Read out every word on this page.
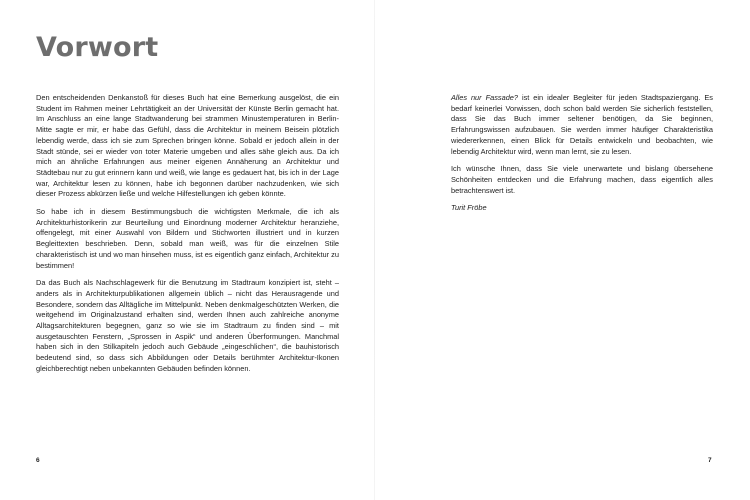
Vorwort

Den entscheidenden Denkanstoß für dieses Buch hat eine Bemerkung ausgelöst, die ein Student im Rahmen meiner Lehrtätigkeit an der Universität der Künste Berlin gemacht hat. Im Anschluss an eine lange Stadtwanderung bei strammen Minustemperaturen in Berlin-Mitte sagte er mir, er habe das Gefühl, dass die Architektur in meinem Beisein plötzlich lebendig werde, dass ich sie zum Sprechen bringen könne. Sobald er jedoch allein in der Stadt stünde, sei er wieder von toter Materie umgeben und alles sähe gleich aus. Da ich mich an ähnliche Erfahrungen aus meiner eigenen Annäherung an Architektur und Städtebau nur zu gut erinnern kann und weiß, wie lange es gedauert hat, bis ich in der Lage war, Architektur lesen zu können, habe ich begonnen darüber nachzudenken, wie sich dieser Prozess abkürzen ließe und welche Hilfestellungen ich geben könnte.

So habe ich in diesem Bestimmungsbuch die wichtigsten Merkmale, die ich als Architekturhistorikerin zur Beurteilung und Einordnung moderner Architektur heranziehe, offengelegt, mit einer Auswahl von Bildern und Stichworten illustriert und in kurzen Begleittexten beschrieben. Denn, sobald man weiß, was für die einzelnen Stile charakteristisch ist und wo man hinsehen muss, ist es eigentlich ganz einfach, Architektur zu bestimmen!

Da das Buch als Nachschlagewerk für die Benutzung im Stadtraum konzipiert ist, steht – anders als in Architekturpublikationen allgemein üblich – nicht das Herausragende und Besondere, sondern das Alltägliche im Mittelpunkt. Neben denkmalgeschützten Werken, die weitgehend im Originalzustand erhalten sind, werden Ihnen auch zahlreiche anonyme Alltagsarchitekturen begegnen, ganz so wie sie im Stadtraum zu finden sind – mit ausgetauschten Fenstern, „Sprossen in Aspik“ und anderen Überformungen. Manchmal haben sich in den Stilkapiteln jedoch auch Gebäude „eingeschlichen“, die bauhistorisch bedeutend sind, so dass sich Abbildungen oder Details berühmter Architektur-Ikonen gleichberechtigt neben unbekannten Gebäuden befinden können.

6

Alles nur Fassade? ist ein idealer Begleiter für jeden Stadtspaziergang. Es bedarf keinerlei Vorwissen, doch schon bald werden Sie sicherlich feststellen, dass Sie das Buch immer seltener benötigen, da Sie beginnen, Erfahrungswissen aufzubauen. Sie werden immer häufiger Charakteristika wiedererkennen, einen Blick für Details entwickeln und beobachten, wie lebendig Architektur wird, wenn man lernt, sie zu lesen.

Ich wünsche Ihnen, dass Sie viele unerwartete und bislang übersehene Schönheiten entdecken und die Erfahrung machen, dass eigentlich alles betrachtenswert ist.

Turit Fröbe

7
